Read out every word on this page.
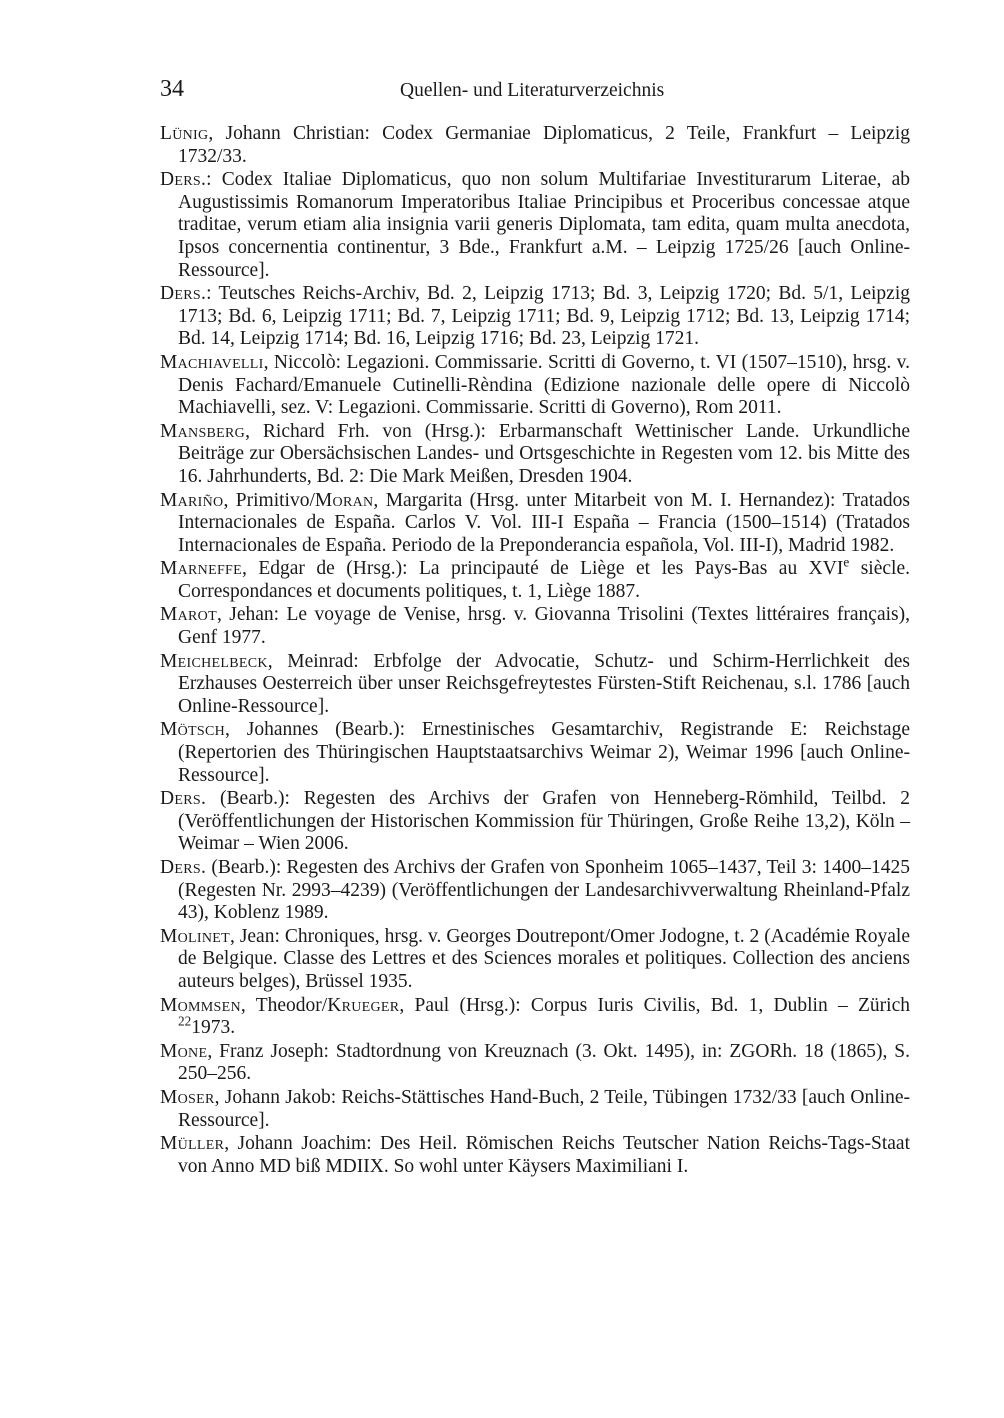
34	Quellen- und Literaturverzeichnis

Lünig, Johann Christian: Codex Germaniae Diplomaticus, 2 Teile, Frankfurt – Leipzig 1732/33.

Ders.: Codex Italiae Diplomaticus, quo non solum Multifariae Investiturarum Literae, ab Augustissimis Romanorum Imperatoribus Italiae Principibus et Proceribus concessae atque traditae, verum etiam alia insignia varii generis Diplomata, tam edita, quam multa anecdota, Ipsos concernentia continentur, 3 Bde., Frankfurt a.M. – Leipzig 1725/26 [auch Online-Ressource].

Ders.: Teutsches Reichs-Archiv, Bd. 2, Leipzig 1713; Bd. 3, Leipzig 1720; Bd. 5/1, Leipzig 1713; Bd. 6, Leipzig 1711; Bd. 7, Leipzig 1711; Bd. 9, Leipzig 1712; Bd. 13, Leipzig 1714; Bd. 14, Leipzig 1714; Bd. 16, Leipzig 1716; Bd. 23, Leipzig 1721.

Machiavelli, Niccolò: Legazioni. Commissarie. Scritti di Governo, t. VI (1507–1510), hrsg. v. Denis Fachard/Emanuele Cutinelli-Rèndina (Edizione nazionale delle opere di Niccolò Machiavelli, sez. V: Legazioni. Commissarie. Scritti di Governo), Rom 2011.

Mansberg, Richard Frh. von (Hrsg.): Erbarmanschaft Wettinischer Lande. Urkundliche Beiträge zur Obersächsischen Landes- und Ortsgeschichte in Regesten vom 12. bis Mitte des 16. Jahrhunderts, Bd. 2: Die Mark Meißen, Dresden 1904.

Mariño, Primitivo/Moran, Margarita (Hrsg. unter Mitarbeit von M. I. Hernandez): Tratados Internacionales de España. Carlos V. Vol. III-I España – Francia (1500–1514) (Tratados Internacionales de España. Periodo de la Preponderancia española, Vol. III-I), Madrid 1982.

Marneffe, Edgar de (Hrsg.): La principauté de Liège et les Pays-Bas au XVIe siècle. Correspondances et documents politiques, t. 1, Liège 1887.

Marot, Jehan: Le voyage de Venise, hrsg. v. Giovanna Trisolini (Textes littéraires français), Genf 1977.

Meichelbeck, Meinrad: Erbfolge der Advocatie, Schutz- und Schirm-Herrlichkeit des Erzhauses Oesterreich über unser Reichsgefreytestes Fürsten-Stift Reichenau, s.l. 1786 [auch Online-Ressource].

Mötsch, Johannes (Bearb.): Ernestinisches Gesamtarchiv, Registrande E: Reichstage (Repertorien des Thüringischen Hauptstaatsarchivs Weimar 2), Weimar 1996 [auch Online-Ressource].

Ders. (Bearb.): Regesten des Archivs der Grafen von Henneberg-Römhild, Teilbd. 2 (Veröffentlichungen der Historischen Kommission für Thüringen, Große Reihe 13,2), Köln – Weimar – Wien 2006.

Ders. (Bearb.): Regesten des Archivs der Grafen von Sponheim 1065–1437, Teil 3: 1400–1425 (Regesten Nr. 2993–4239) (Veröffentlichungen der Landesarchivverwaltung Rheinland-Pfalz 43), Koblenz 1989.

Molinet, Jean: Chroniques, hrsg. v. Georges Doutrepont/Omer Jodogne, t. 2 (Académie Royale de Belgique. Classe des Lettres et des Sciences morales et politiques. Collection des anciens auteurs belges), Brüssel 1935.

Mommsen, Theodor/Krueger, Paul (Hrsg.): Corpus Iuris Civilis, Bd. 1, Dublin – Zürich $^{22}$1973.

Mone, Franz Joseph: Stadtordnung von Kreuznach (3. Okt. 1495), in: ZGORh. 18 (1865), S. 250–256.

Moser, Johann Jakob: Reichs-Stättisches Hand-Buch, 2 Teile, Tübingen 1732/33 [auch Online-Ressource].

Müller, Johann Joachim: Des Heil. Römischen Reichs Teutscher Nation Reichs-Tags-Staat von Anno MD biß MDIIX. So wohl unter Käysers Maximiliani I.
